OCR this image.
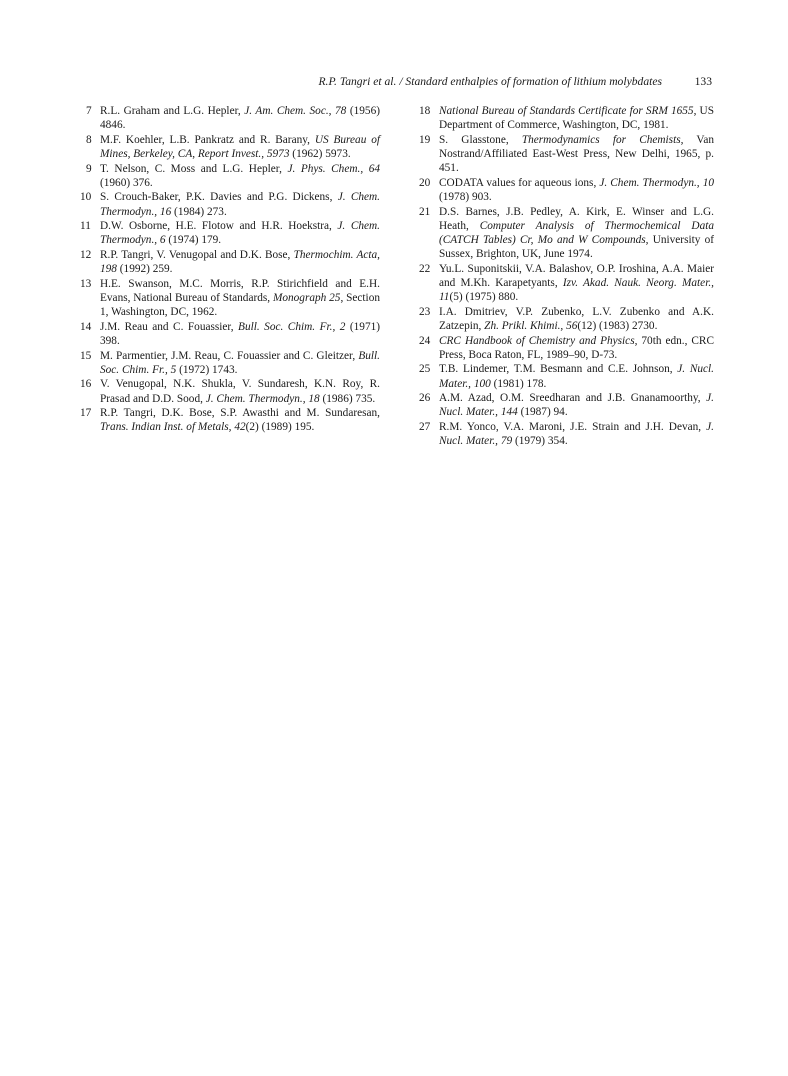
R.P. Tangri et al. / Standard enthalpies of formation of lithium molybdates	133
7 R.L. Graham and L.G. Hepler, J. Am. Chem. Soc., 78 (1956) 4846.
8 M.F. Koehler, L.B. Pankratz and R. Barany, US Bureau of Mines, Berkeley, CA, Report Invest., 5973 (1962) 5973.
9 T. Nelson, C. Moss and L.G. Hepler, J. Phys. Chem., 64 (1960) 376.
10 S. Crouch-Baker, P.K. Davies and P.G. Dickens, J. Chem. Thermodyn., 16 (1984) 273.
11 D.W. Osborne, H.E. Flotow and H.R. Hoekstra, J. Chem. Thermodyn., 6 (1974) 179.
12 R.P. Tangri, V. Venugopal and D.K. Bose, Thermochim. Acta, 198 (1992) 259.
13 H.E. Swanson, M.C. Morris, R.P. Stirichfield and E.H. Evans, National Bureau of Standards, Monograph 25, Section 1, Washington, DC, 1962.
14 J.M. Reau and C. Fouassier, Bull. Soc. Chim. Fr., 2 (1971) 398.
15 M. Parmentier, J.M. Reau, C. Fouassier and C. Gleitzer, Bull. Soc. Chim. Fr., 5 (1972) 1743.
16 V. Venugopal, N.K. Shukla, V. Sundaresh, K.N. Roy, R. Prasad and D.D. Sood, J. Chem. Thermodyn., 18 (1986) 735.
17 R.P. Tangri, D.K. Bose, S.P. Awasthi and M. Sundaresan, Trans. Indian Inst. of Metals, 42(2) (1989) 195.
18 National Bureau of Standards Certificate for SRM 1655, US Department of Commerce, Washington, DC, 1981.
19 S. Glasstone, Thermodynamics for Chemists, Van Nostrand/Affiliated East-West Press, New Delhi, 1965, p. 451.
20 CODATA values for aqueous ions, J. Chem. Thermodyn., 10 (1978) 903.
21 D.S. Barnes, J.B. Pedley, A. Kirk, E. Winser and L.G. Heath, Computer Analysis of Thermochemical Data (CATCH Tables) Cr, Mo and W Compounds, University of Sussex, Brighton, UK, June 1974.
22 Yu.L. Suponitskii, V.A. Balashov, O.P. Iroshina, A.A. Maier and M.Kh. Karapetyants, Izv. Akad. Nauk. Neorg. Mater., 11(5) (1975) 880.
23 I.A. Dmitriev, V.P. Zubenko, L.V. Zubenko and A.K. Zatzepin, Zh. Prikl. Khimi., 56(12) (1983) 2730.
24 CRC Handbook of Chemistry and Physics, 70th edn., CRC Press, Boca Raton, FL, 1989–90, D-73.
25 T.B. Lindemer, T.M. Besmann and C.E. Johnson, J. Nucl. Mater., 100 (1981) 178.
26 A.M. Azad, O.M. Sreedharan and J.B. Gnanamoorthy, J. Nucl. Mater., 144 (1987) 94.
27 R.M. Yonco, V.A. Maroni, J.E. Strain and J.H. Devan, J. Nucl. Mater., 79 (1979) 354.
